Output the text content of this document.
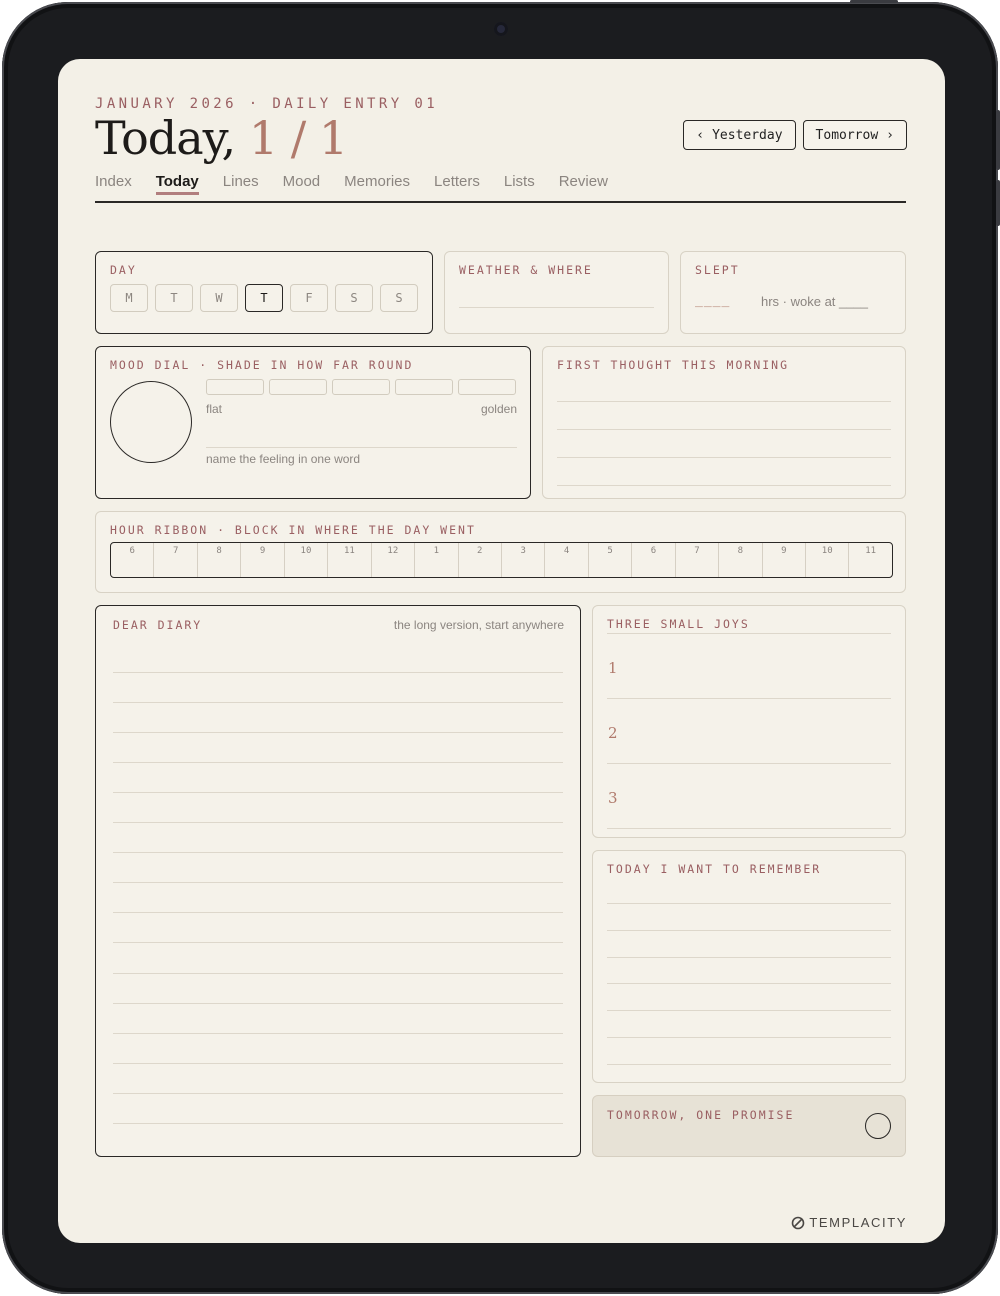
JANUARY 2026 · DAILY ENTRY 01
Today, 1 / 1	‹ Yesterday	Tomorrow ›
Index Today Lines Mood Memories Letters Lists Review
DAY
M	T	W	T	F	S	S
WEATHER & WHERE	SLEPT
____ hrs · woke at ____
MOOD DIAL · SHADE IN HOW FAR ROUND
flat	golden
name the feeling in one word
FIRST THOUGHT THIS MORNING
HOUR RIBBON · BLOCK IN WHERE THE DAY WENT
6	7	8	9	10	11	12	1	2	3	4	5	6	7	8	9	10	11
DEAR DIARY	the long version, start anywhere	THREE SMALL JOYS
1
2
3
TODAY I WANT TO REMEMBER
TOMORROW, ONE PROMISE
TEMPLACITY
